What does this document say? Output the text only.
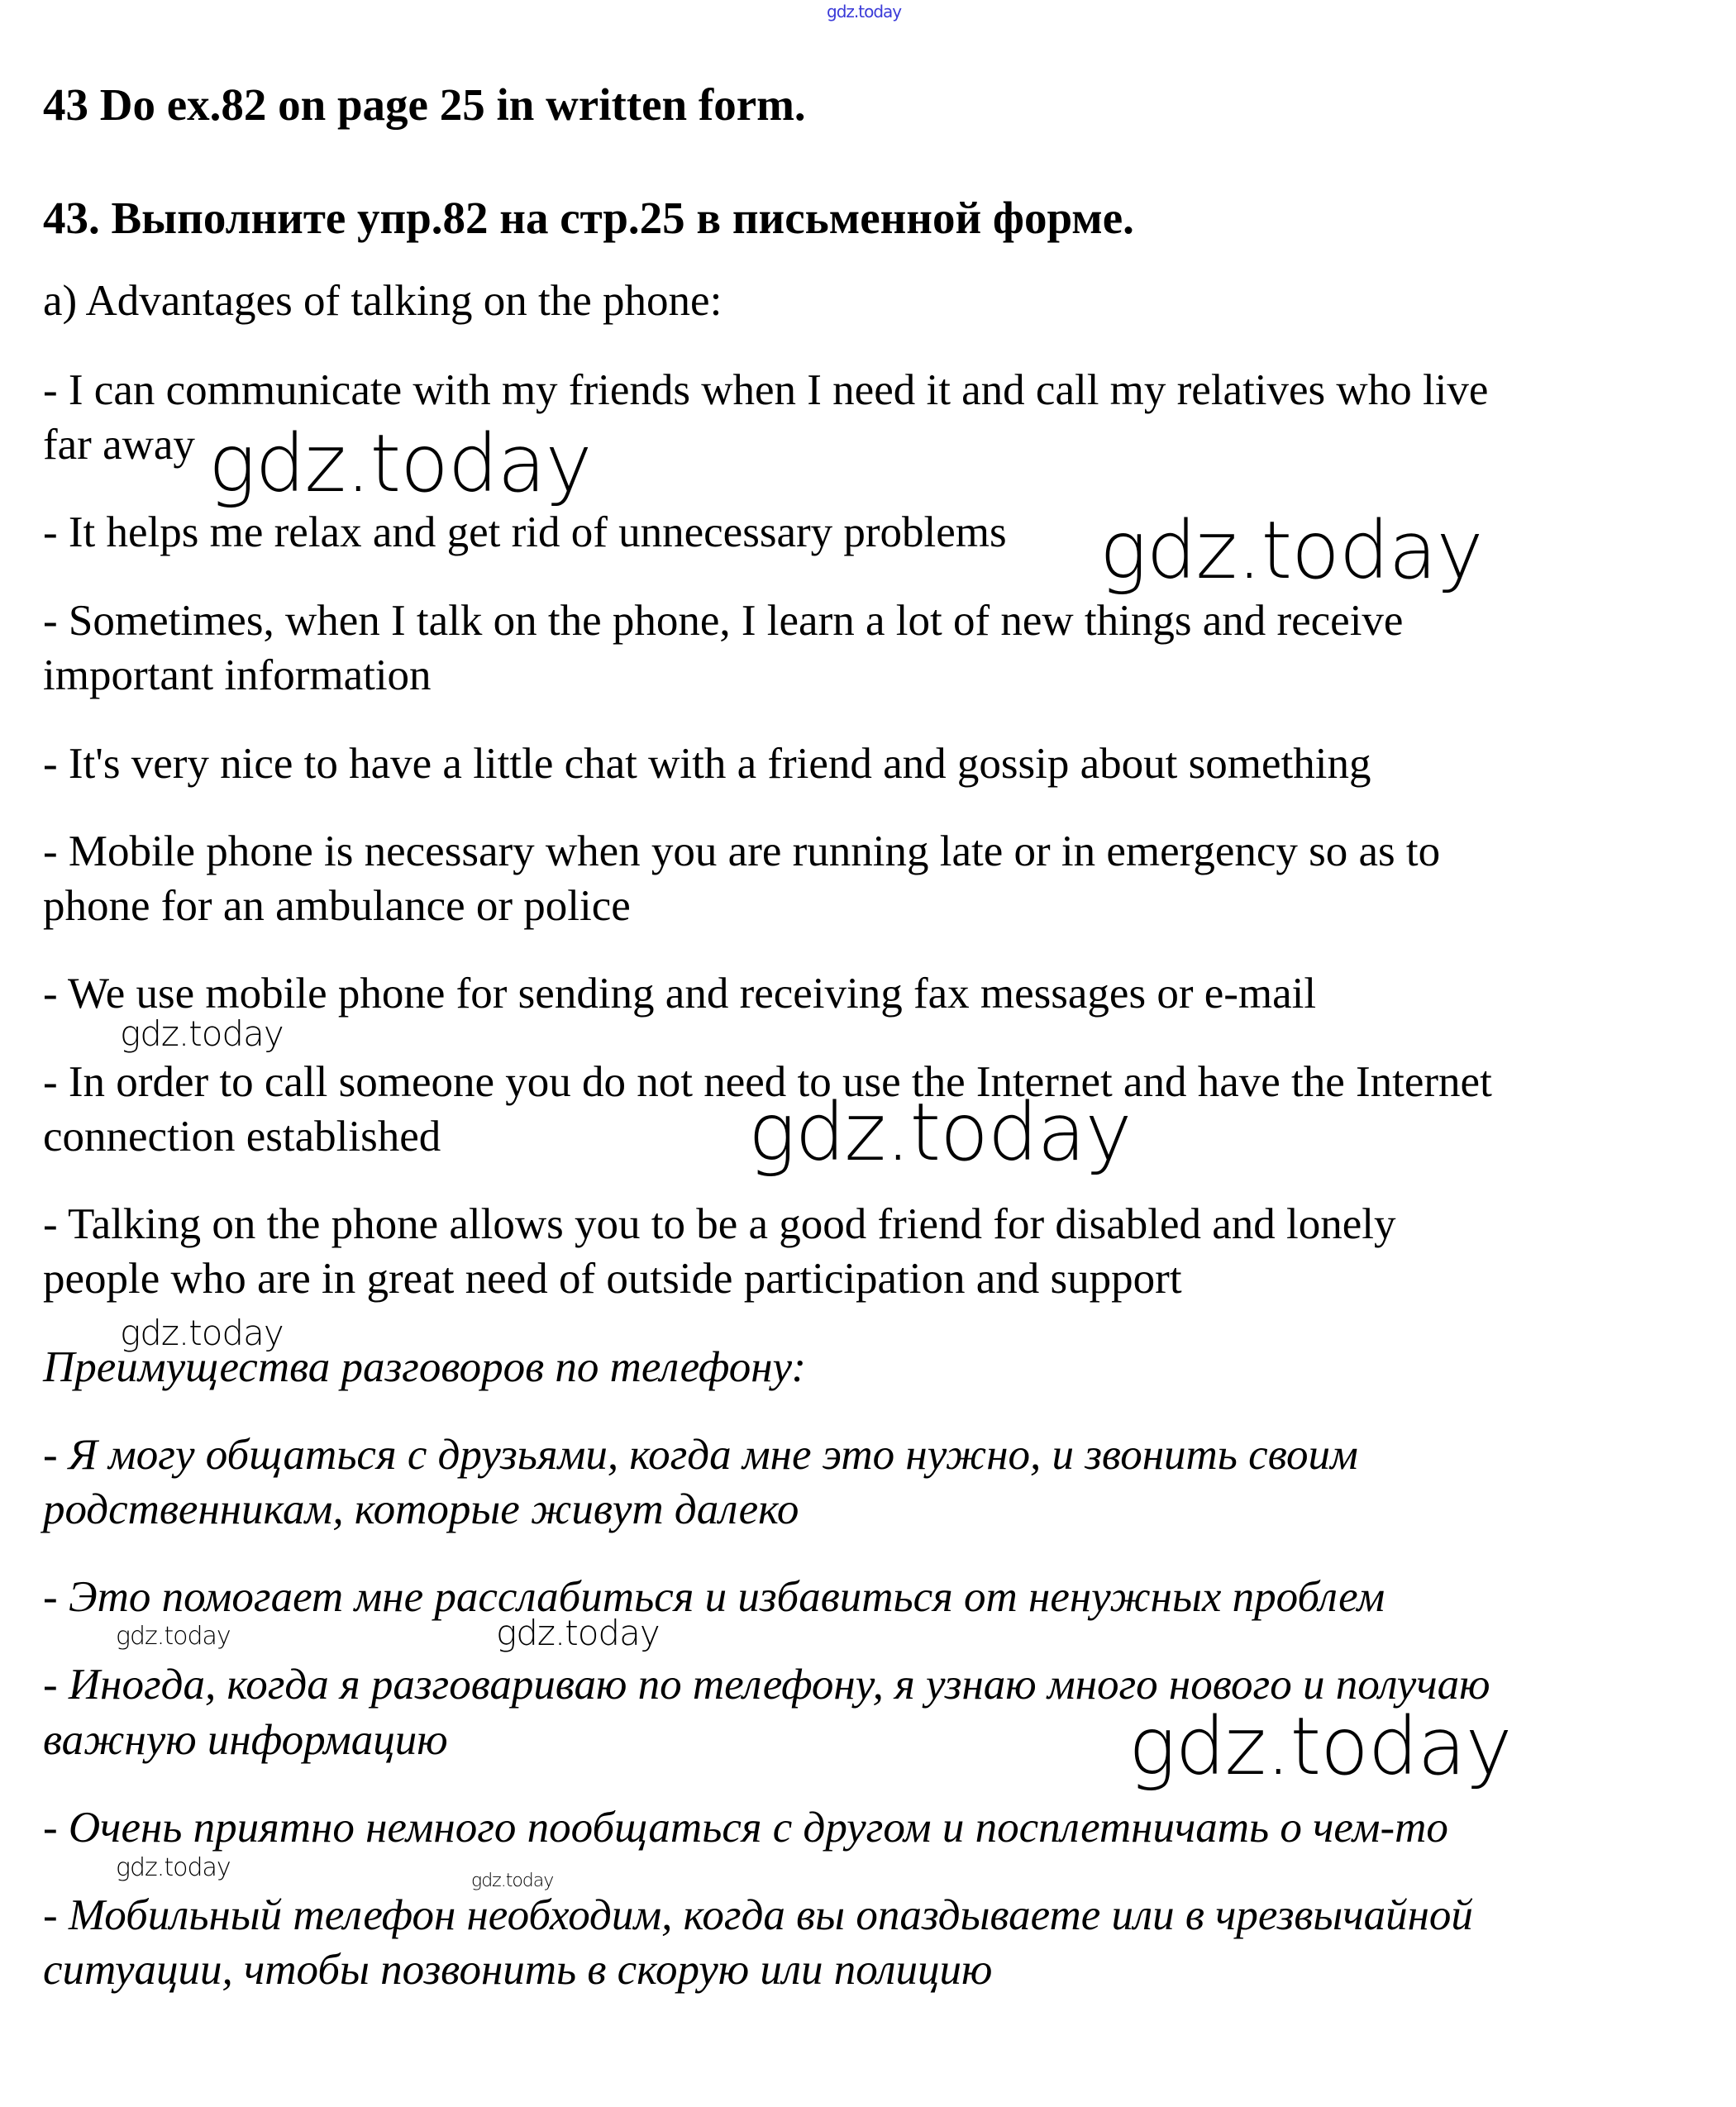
gdz.today
43 Do ex.82 on page 25 in written form.
43. Выполните упр.82 на стр.25 в письменной форме.
a) Advantages of talking on the phone:
- I can communicate with my friends when I need it and call my relatives who live
far away
- It helps me relax and get rid of unnecessary problems
- Sometimes, when I talk on the phone, I learn a lot of new things and receive
important information
- It's very nice to have a little chat with a friend and gossip about something
- Mobile phone is necessary when you are running late or in emergency so as to
phone for an ambulance or police
- We use mobile phone for sending and receiving fax messages or e-mail
- In order to call someone you do not need to use the Internet and have the Internet
connection established
- Talking on the phone allows you to be a good friend for disabled and lonely
people who are in great need of outside participation and support
Преимущества разговоров по телефону:
- Я могу общаться с друзьями, когда мне это нужно, и звонить своим
родственникам, которые живут далеко
- Это помогает мне расслабиться и избавиться от ненужных проблем
- Иногда, когда я разговариваю по телефону, я узнаю много нового и получаю
важную информацию
- Очень приятно немного пообщаться с другом и посплетничать о чем-то
- Мобильный телефон необходим, когда вы опаздываете или в чрезвычайной
ситуации, чтобы позвонить в скорую или полицию
gdz.today
gdz.today
gdz.today
gdz.today
gdz.today
gdz.today	gdz.today
gdz.today
gdz.today	gdz.today
